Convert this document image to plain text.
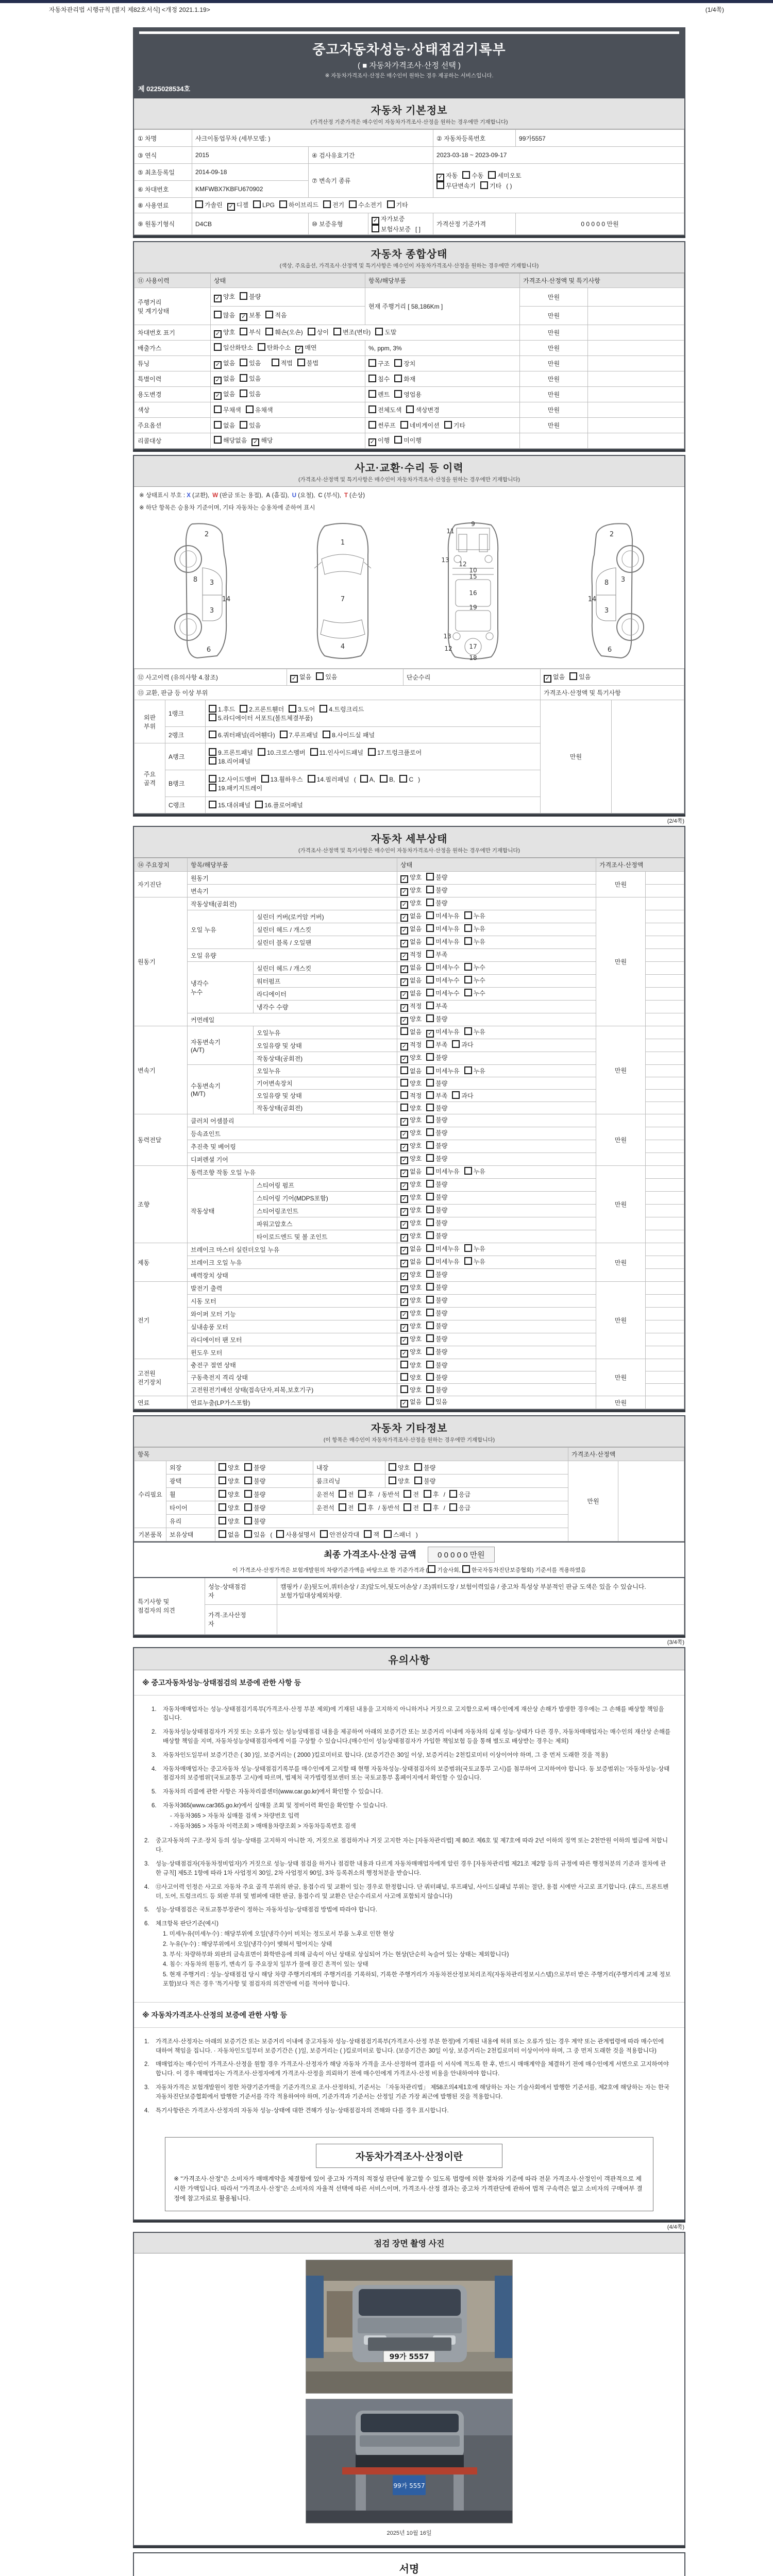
자동차관리법 시행규칙 [별지 제82호서식] <개정 2021.1.19>	(1/4쪽)
중고자동차성능·상태점검기록부
( ■ 자동차가격조사·산정 선택 )
※ 자동차가격조사·산정은 매수인이 원하는 경우 제공하는 서비스입니다.
제 0225028534호
자동차 기본정보
(가격산정 기준가격은 매수인이 자동차가격조사·산정을 원하는 경우에만 기재합니다)
① 차명	샤크이동업무차 (세부모델: )			② 자동차등록번호	99가5557
③ 연식	2015	④ 검사유효기간		2023-03-18 ~ 2023-09-17	
⑤ 최초등록일	2014-09-18	⑦ 변속기 종류	✓자동 수동 세미오토
무단변속기 기타 ( )
⑥ 차대번호	KMFWBX7KBFU670902				
⑧ 사용연료	가솔린 ✓ 디젤 LPG 하이브리드 전기 수소전기 기타
⑨ 원동기형식	D4CB	⑩ 보증유형	✓자가보증보험사보증 [ ]	가격산정 기준가격	0 0 0 0 0 만원
자동차 종합상태
(색상, 주요옵션, 가격조사·산정액 및 특기사항은 매수인이 자동차가격조사·산정을 원하는 경우에만 기재합니다)
⑪ 사용이력	상태	항목/해당부품	가격조사·산정액 및 특기사항	
주행거리
및 계기상태	✓양호 불량	현재 주행거리 [ 58,186Km ]	만원	
	많음 ✓ 보통 적음		만원	
차대번호 표기	✓양호 부식 훼손(오손) 상이 변조(변타) 도말		만원	
배출가스	일산화탄소 탄화수소 ✓ 매연	%, ppm, 3%	만원	
튜닝	✓없음 있음 적법 불법	구조 장치	만원	
특별이력	✓없음 있음	침수 화재	만원	
용도변경	✓없음 있음	렌트 영업용	만원	
색상	무채색 유채색	전체도색 색상변경	만원	
주요옵션	없음 있음	썬루프 네비게이션 기타	만원	
리콜대상	해당없음 ✓ 해당	✓이행 미이행		
사고·교환·수리 등 이력
(가격조사·산정액 및 특기사항은 매수인이 자동차가격조사·산정을 원하는 경우에만 기재합니다)
※ 상태표시 부호 : X (교환), W (판금 또는 용접), A (흠집), U (요철), C (부식), T (손상)
※ 하단 항목은 승용차 기준이며, 기타 자동차는 승용차에 준하여 표시
2
8 3
14
3
6
1
7
4
9
11
13
12
10
15
16
19
13
12	17
18
2
3
8
14
3
6
⑫ 사고이력 (유의사항 4.참조)	✓없음 있음	단순수리	✓없음 있음
⑬ 교환, 판금 등 이상 부위					가격조사·산정액 및 특기사항	
외판
부위	1랭크	1.후드 2.프론트휀더 3.도어 4.트렁크리드
5.라디에이터 서포트(볼트체결부품)			만원	
	2랭크	6.쿼터패널(리어휀다) 7.루프패널 8.사이드실 패널				
주요
골격	A랭크	9.프론트패널 10.크로스멤버 11.인사이드패널 17.트렁크플로어
18.리어패널				
	B랭크	12.사이드멤버 13.휠하우스 14.필러패널 ( A, B, C )
19.패키지트레이				
	C랭크	15.대쉬패널 16.플로어패널				
(2/4쪽)
자동차 세부상태
(가격조사·산정액 및 특기사항은 매수인이 자동차가격조사·산정을 원하는 경우에만 기재합니다)
⑭ 주요장치	항목/해당부품		상태	가격조사·산정액	
자기진단	원동기	✓양호 불량	만원	
	변속기	✓양호 불량	
원동기	작동상태(공회전)	✓양호 불량	만원	
	오일 누유	실린더 커버(로커암 커버)	✓없음 미세누유 누유	
		실린더 헤드 / 개스킷	✓없음 미세누유 누유	
		실린더 블록 / 오일팬	✓없음 미세누유 누유	
	오일 유량	✓적정 부족	
	냉각수
누수	실린더 헤드 / 개스킷	✓없음 미세누수 누수	
		워터펌프	✓없음 미세누수 누수	
		라디에이터	✓없음 미세누수 누수	
		냉각수 수량	✓적정 부족	
	커먼레일	✓양호 불량	
변속기	자동변속기
(A/T)	오일누유	없음 ✓ 미세누유 누유	만원	
		오일유량 및 상태	✓적정 부족 과다	
		작동상태(공회전)	✓양호 불량	
	수동변속기
(M/T)	오일누유	없음 미세누유 누유		
		기어변속장치	양호 불량		
		오일유량 및 상태	적정 부족 과다		
		작동상태(공회전)	양호 불량		
동력전달	클러치 어셈블리	✓양호 불량	만원	
	등속죠인트	✓양호 불량	
	추진축 및 베어링	✓양호 불량	
	디퍼렌셜 기어	✓양호 불량	
조향	동력조향 작동 오일 누유	✓없음 미세누유 누유	만원	
	작동상태	스티어링 펌프	✓양호 불량	
		스티어링 기어(MDPS포함)	✓양호 불량	
		스티어링조인트	✓양호 불량	
		파워고압호스	✓양호 불량	
		타이로드엔드 및 볼 조인트	✓양호 불량	
제동	브레이크 마스터 실린더오일 누유	✓없음 미세누유 누유	만원	
	브레이크 오일 누유	✓없음 미세누유 누유	
	배력장치 상태	✓양호 불량	
전기	발전기 출력	✓양호 불량	만원	
	시동 모터	✓양호 불량	
	와이퍼 모터 기능	✓양호 불량	
	실내송풍 모터	✓양호 불량	
	라디에이터 팬 모터	✓양호 불량	
	윈도우 모터	✓양호 불량	
고전원
전기장치	충전구 절연 상태		양호 불량	만원	
	구동축전지 격리 상태		양호 불량		
	고전원전기배선 상태(접속단자,피복,보호기구)		양호 불량		
연료	연료누출(LP가스포함)	✓없음 있음	만원	
자동차 기타정보
(이 항목은 매수인이 자동차가격조사·산정을 원하는 경우에만 기재합니다)
항목					가격조사·산정액	
수리필요	외장	양호 불량	내장	양호 불량	만원	
	광택	양호 불량	룸크리닝	양호 불량		
	휠	양호 불량	운전석 전 후 / 동반석 전 후 / 응급			
	타이어	양호 불량	운전석 전 후 / 동반석 전 후 / 응급			
	유리	양호 불량				
기본품목	보유상태	없음 있음 ( 사용설명서 안전삼각대 잭 스패너 )				
최종 가격조사·산정 금액	0 0 0 0 0 만원
이 가격조사·산정가격은 보험개발원의 차량기준가액을 바탕으로 한 기준가격과 ( 기술사회, 한국자동차진단보증협회) 기준서를 적용하였음
특기사항 및
점검자의 의견	성능·상태점검
자	캠핑카 / 운)뒷도어,쿼터손상 / 조)앞도어,뒷도어손상 / 조)쿼터도장 / 보험이력있음 / 중고차 특성상 부분적인 판금 도색은 있을 수 있습니다. 보험가입대상제외차량.
	가격·조사산정
자	
(3/4쪽)
유의사항
※ 중고자동차성능·상태점검의 보증에 관한 사항 등
1.	자동차매매업자는 성능·상태점검기록부(가격조사·산정 부분 제외)에 기재된 내용을 고지하지 아니하거나 거짓으로 고지함으로써 매수인에게 재산상 손해가 발생한 경우에는 그 손해를 배상할 책임을 집니다.
2.	자동차성능상태점검자가 거짓 또는 오류가 있는 성능상태점검 내용을 제공하여 아래의 보증기간 또는 보증거리 이내에 자동차의 실제 성능·상태가 다른 경우, 자동차매매업자는 매수인의 재산상 손해를 배상할 책임을 지며, 자동차성능상태점검자에게 이를 구상할 수 있습니다.(매수인이 성능상태점검자가 가입한 책임보험 등을 통해 별도로 배상받는 경우는 제외)
3.	자동차인도일부터 보증기간은 ( 30 )일, 보증거리는 ( 2000 )킬로미터로 합니다. (보증기간은 30일 이상, 보증거리는 2천킬로미터 이상이어야 하며, 그 중 먼저 도래한 것을 적용)
4.	자동차매매업자는 중고자동차 성능·상태점검기록부를 매수인에게 고지할 때 현행 자동차성능·상태점검자의 보증범위(국토교통부 고시)를 첨부하여 고지하여야 합니다. 동 보증범위는 '자동차성능·상태점검자의 보증범위'(국토교통부 고시)에 따르며, 법제처 국가법령정보센터 또는 국토교통부 홈페이지에서 확인할 수 있습니다.
5.	자동차의 리콜에 관한 사항은 자동차리콜센터(www.car.go.kr)에서 확인할 수 있습니다.
6.	자동차365(www.car365.go.kr)에서 실매물 조회 및 정비이력 확인을 확인할 수 있습니다.
- 자동차365 > 자동차 실매물 검색 > 차량번호 입력
- 자동차365 > 자동차 이력조회 > 매매용차량조회 > 자동차등록번호 검색
2.	중고자동차의 구조·장치 등의 성능·상태를 고지하지 아니한 자, 거짓으로 점검하거나 거짓 고지한 자는 [자동차관리법] 제 80조 제6호 및 제7호에 따라 2년 이하의 징역 또는 2천만원 이하의 벌금에 처합니다.
3.	성능·상태점검자(자동차정비업자)가 거짓으로 성능·상태 점검을 하거나 점검한 내용과 다르게 자동차매매업자에게 알린 경우 [자동차관리법 제21조 제2항 등의 규정에 따른 행정처분의 기준과 절차에 관한 규칙] 제5조 1항에 따라 1차 사업정지 30일, 2차 사업정지 90일, 3차 등록취소의 행정처분을 받습니다.
4.	⑫사고이력 인정은 사고로 자동차 주요 골격 부위의 판금, 용접수리 및 교환이 있는 경우로 한정합니다. 단 쿼터패널, 루프패널, 사이드실패널 부위는 절단, 용접 시에만 사고로 표기합니다. (후드, 프론트펜더, 도어, 트렁크리드 등 외판 부위 및 범퍼에 대한 판금, 용접수리 및 교환은 단순수리로서 사고에 포함되지 않습니다)
5.	성능·상태점검은 국토교통부장관이 정하는 자동차성능·상태점검 방법에 따라야 합니다.
6.	체크항목 판단기준(예시)
1. 미세누유(미세누수) : 해당부위에 오일(냉각수)이 비치는 정도로서 부품 노후로 인한 현상
2. 누유(누수) : 해당부위에서 오일(냉각수)이 맺혀서 떨어지는 상태
3. 부식: 차량하부와 외판의 금속표면이 화학반응에 의해 금속이 아닌 상태로 상실되어 가는 현상(단순히 녹슬어 있는 상태는 제외합니다)
4. 침수: 자동차의 원동기, 변속기 등 주요장치 일부가 물에 잠긴 흔적이 있는 상태
5. 현재 주행거리 : 성능·상태점검 당시 해당 차량 주행거리계의 주행거리를 기록하되, 기록한 주행거리가 자동차전산정보처리조직(자동차관리정보시스템)으로부터 받은 주행거리(주행거리계 교체 정보 포함)보다 적은 경우 '특기사항 및 점검자의 의견'란에 이를 적어야 합니다.
※ 자동차가격조사·산정의 보증에 관한 사항 등
1.	가격조사·산정자는 아래의 보증기간 또는 보증거리 이내에 중고자동차 성능·상태점검기록부(가격조사·산정 부분 한정)에 기재된 내용에 허위 또는 오류가 있는 경우 계약 또는 관계법령에 따라 매수인에 대하여 책임을 집니다. · 자동차인도일부터 보증기간은 ( )일, 보증거리는 ( )킬로미터로 합니다. (보증기간은 30일 이상, 보증거리는 2천킬로미터 이상이어야 하며, 그 중 먼저 도래한 것을 적용합니다)
2.	매매업자는 매수인이 가격조사·산정을 원할 경우 가격조사·산정자가 해당 자동차 가격을 조사·산정하여 결과를 이 서식에 적도록 한 후, 반드시 매매계약을 체결하기 전에 매수인에게 서면으로 고지하여야 합니다. 이 경우 매매업자는 가격조사·산정자에게 가격조사·산정을 의뢰하기 전에 매수인에게 가격조사·산정 비용을 안내하여야 합니다.
3.	자동차가격은 보험개발원이 정한 차량기준가액을 기준가격으로 조사·산정하되, 기준서는 「자동차관리법」 제58조의4제1호에 해당하는 자는 기술사회에서 발행한 기준서를, 제2호에 해당하는 자는 한국자동차진단보증협회에서 발행한 기준서를 각각 적용하여야 하며, 기준가격과 기준서는 산정일 기준 가장 최근에 발행된 것을 적용합니다.
4.	특기사항란은 가격조사·산정자의 자동차 성능·상태에 대한 견해가 성능·상태점검자의 견해와 다를 경우 표시합니다.
자동차가격조사·산정이란
※ "가격조사·산정"은 소비자가 매매계약을 체결함에 있어 중고차 가격의 적절성 판단에 참고할 수 있도록 법령에 의한 절차와 기준에 따라 전문 가격조사·산정인이 객관적으로 제시한 가액입니다. 따라서 "가격조사·산정"은 소비자의 자율적 선택에 따른 서비스이며, 가격조사·산정 결과는 중고차 가격판단에 관하여 법적 구속력은 없고 소비자의 구매여부 결정에 참고자료로 활용됩니다.
(4/4쪽)
점검 장면 촬영 사진
99가 5557
99가 5557
2025년 10월 16일
서명
